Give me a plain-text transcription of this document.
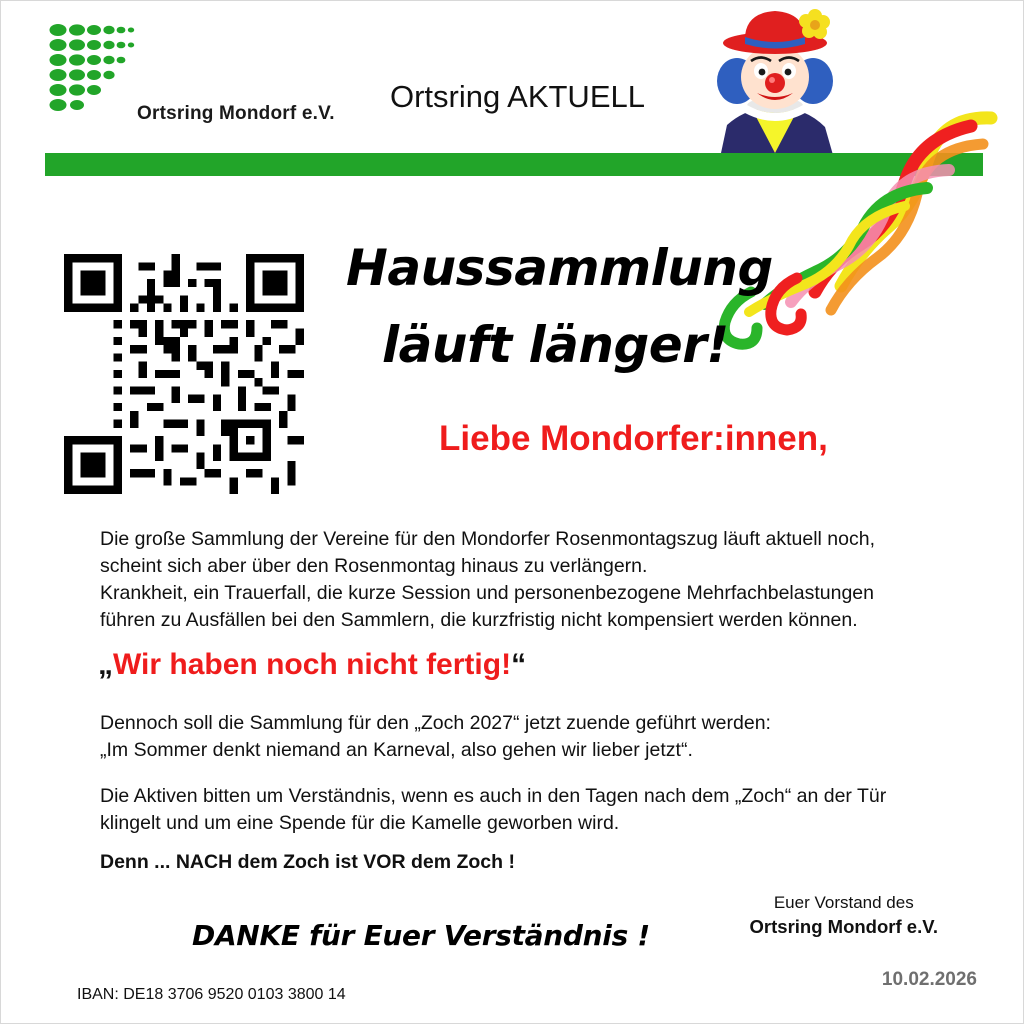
Ortsring Mondorf e.V. Ortsring AKTUELL
Haussammlung
läuft länger!
Liebe Mondorfer:innen,
Die große Sammlung der Vereine für den Mondorfer Rosenmontagszug läuft aktuell noch, scheint sich aber über den Rosenmontag hinaus zu verlängern.
Krankheit, ein Trauerfall, die kurze Session und personenbezogene Mehrfachbelastungen führen zu Ausfällen bei den Sammlern, die kurzfristig nicht kompensiert werden können.
„Wir haben noch nicht fertig!“
Dennoch soll die Sammlung für den „Zoch 2027“ jetzt zuende geführt werden:
„Im Sommer denkt niemand an Karneval, also gehen wir lieber jetzt“.
Die Aktiven bitten um Verständnis, wenn es auch in den Tagen nach dem „Zoch“ an der Tür klingelt und um eine Spende für die Kamelle geworben wird.
Denn ... NACH dem Zoch ist VOR dem Zoch !
DANKE für Euer Verständnis !
Euer Vorstand des
Ortsring Mondorf e.V.
IBAN: DE18 3706 9520 0103 3800 14
10.02.2026
